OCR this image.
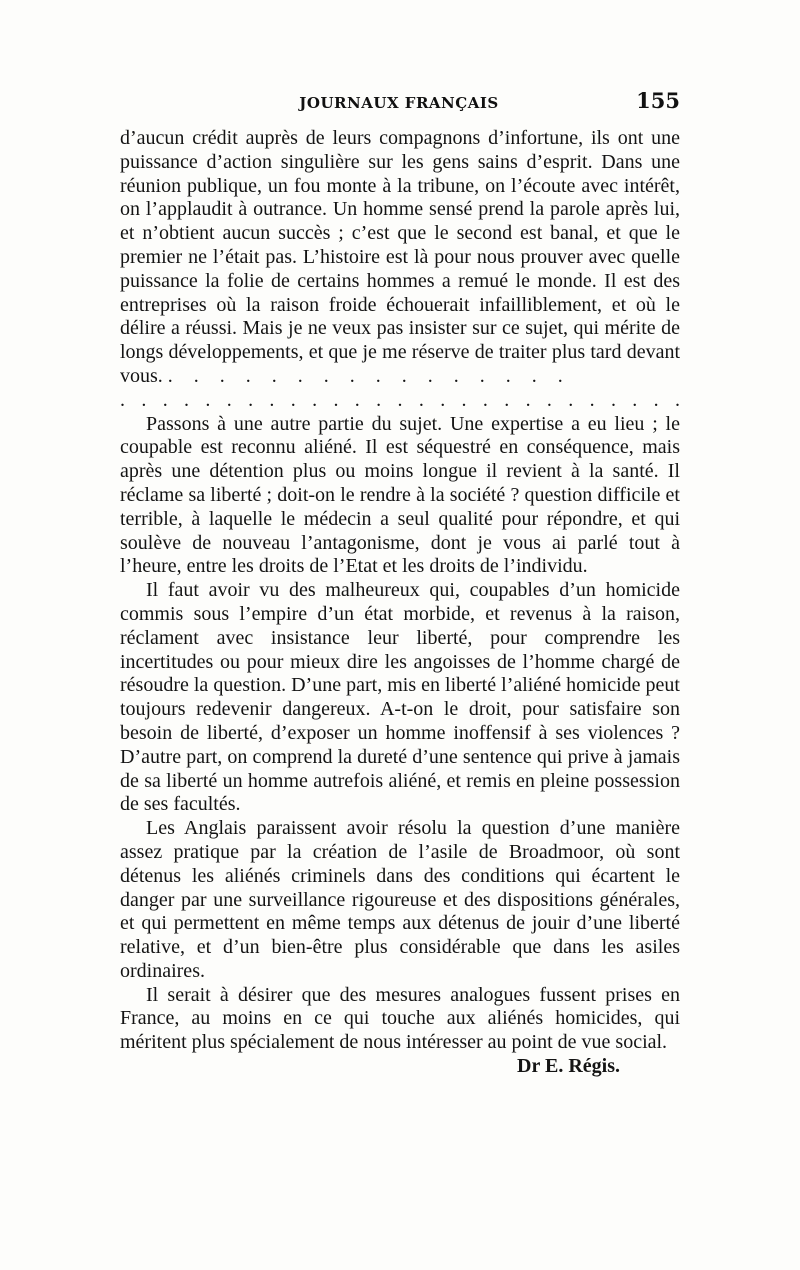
JOURNAUX FRANÇAIS	155

d’aucun crédit auprès de leurs compagnons d’infortune, ils ont une puissance d’action singulière sur les gens sains d’esprit. Dans une réunion publique, un fou monte à la tribune, on l’écoute avec intérêt, on l’applaudit à outrance. Un homme sensé prend la parole après lui, et n’obtient aucun succès ; c’est que le second est banal, et que le premier ne l’était pas. L’histoire est là pour nous prouver avec quelle puissance la folie de certains hommes a remué le monde. Il est des entreprises où la raison froide échouerait infailliblement, et où le délire a réussi. Mais je ne veux pas insister sur ce sujet, qui mérite de longs développements, et que je me réserve de traiter plus tard devant vous. . . . . . . . . . . . . . . . .

. . . . . . . . . . . . . . . . . . . . . . . . . . .

Passons à une autre partie du sujet. Une expertise a eu lieu ; le coupable est reconnu aliéné. Il est séquestré en conséquence, mais après une détention plus ou moins longue il revient à la santé. Il réclame sa liberté ; doit-on le rendre à la société ? question difficile et terrible, à laquelle le médecin a seul qualité pour répondre, et qui soulève de nouveau l’antagonisme, dont je vous ai parlé tout à l’heure, entre les droits de l’Etat et les droits de l’individu.

Il faut avoir vu des malheureux qui, coupables d’un homicide commis sous l’empire d’un état morbide, et revenus à la raison, réclament avec insistance leur liberté, pour comprendre les incertitudes ou pour mieux dire les angoisses de l’homme chargé de résoudre la question. D’une part, mis en liberté l’aliéné homicide peut toujours redevenir dangereux. A-t-on le droit, pour satisfaire son besoin de liberté, d’exposer un homme inoffensif à ses violences ? D’autre part, on comprend la dureté d’une sentence qui prive à jamais de sa liberté un homme autrefois aliéné, et remis en pleine possession de ses facultés.

Les Anglais paraissent avoir résolu la question d’une manière assez pratique par la création de l’asile de Broadmoor, où sont détenus les aliénés criminels dans des conditions qui écartent le danger par une surveillance rigoureuse et des dispositions générales, et qui permettent en même temps aux détenus de jouir d’une liberté relative, et d’un bien-être plus considérable que dans les asiles ordinaires.

Il serait à désirer que des mesures analogues fussent prises en France, au moins en ce qui touche aux aliénés homicides, qui méritent plus spécialement de nous intéresser au point de vue social.
Dr E. Régis.
